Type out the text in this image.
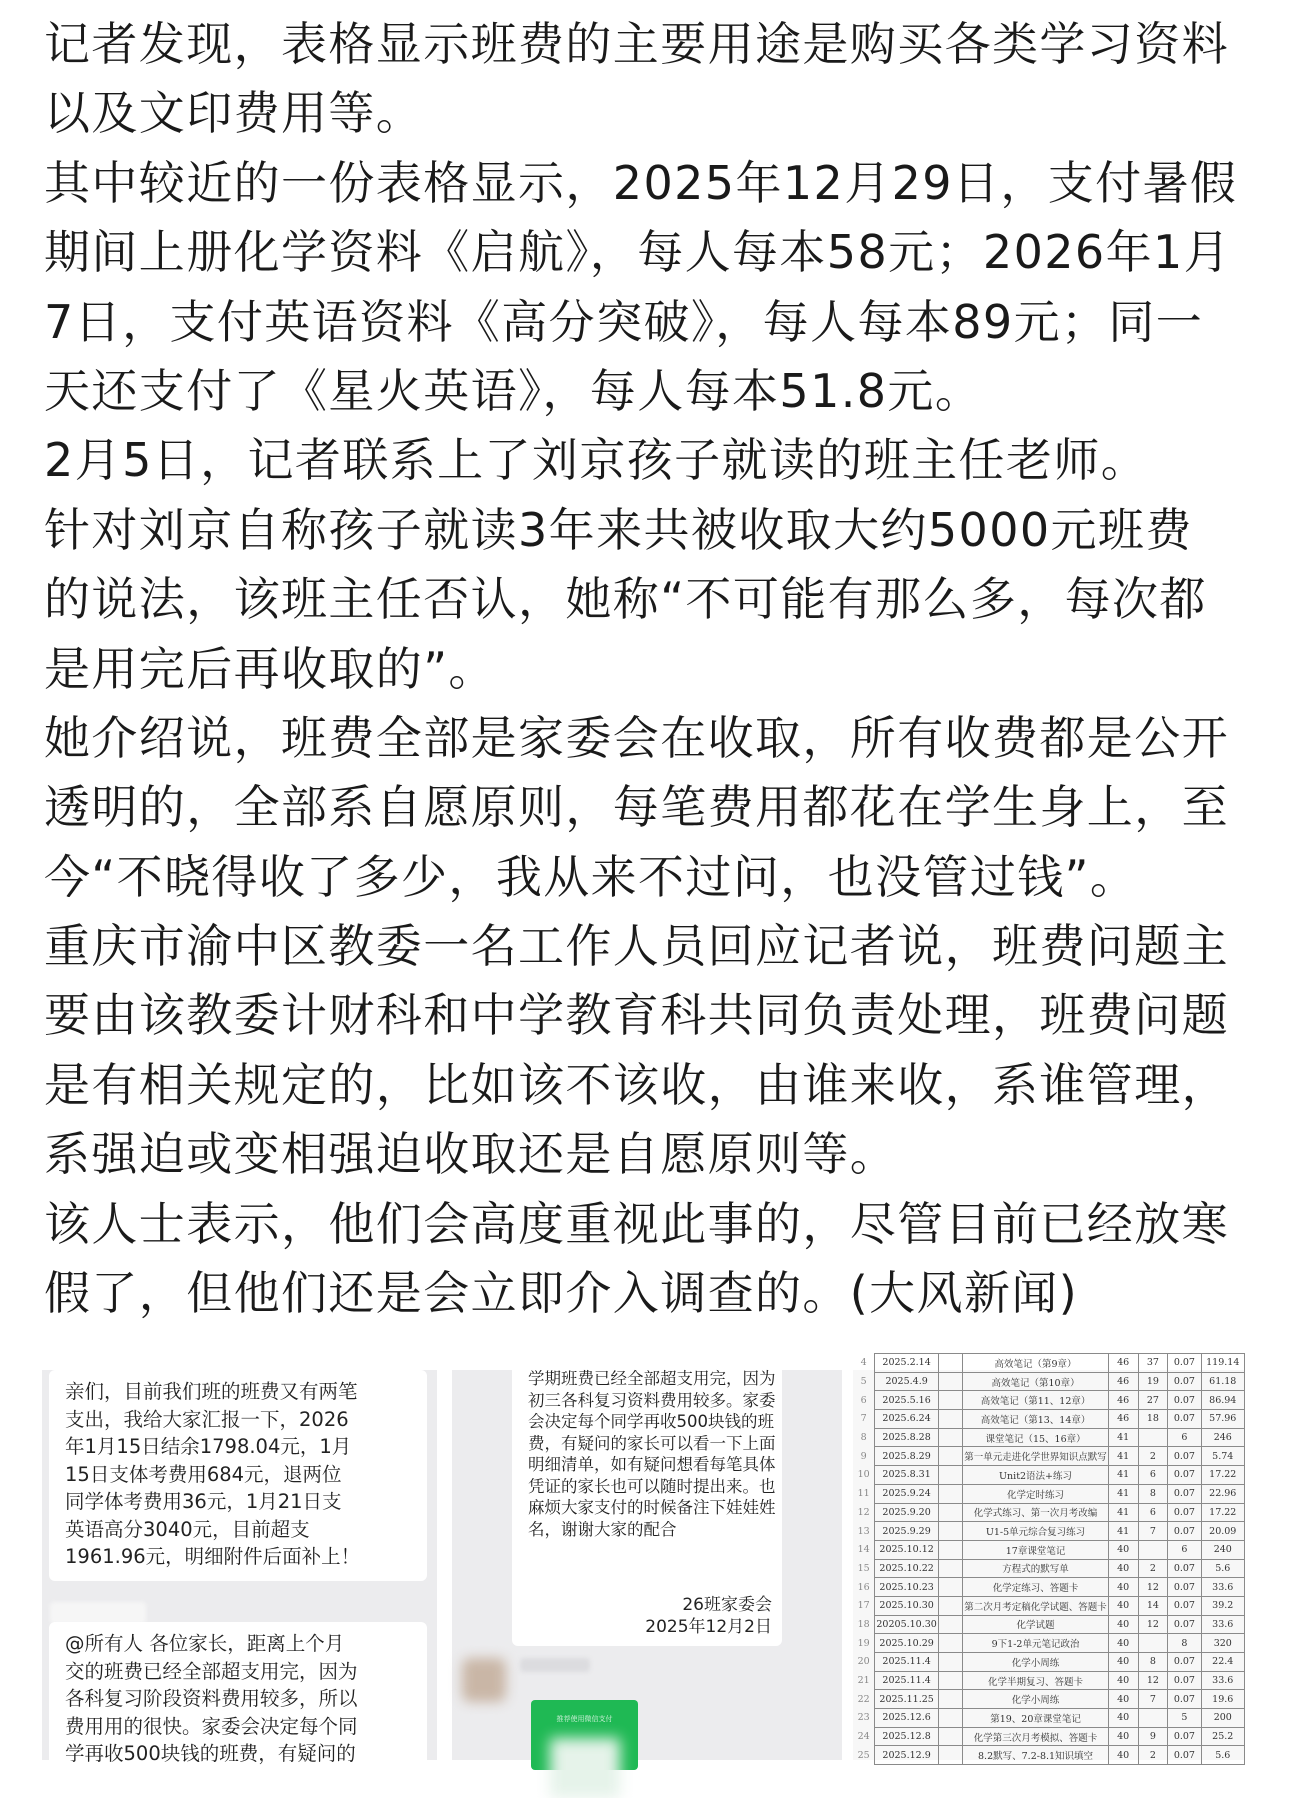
记者发现，表格显示班费的主要用途是购买各类学习资料
以及文印费用等。
其中较近的一份表格显示，2025年12月29日，支付暑假
期间上册化学资料《启航》，每人每本58元；2026年1月
7日，支付英语资料《高分突破》，每人每本89元；同一
天还支付了《星火英语》，每人每本51.8元。
2月5日，记者联系上了刘京孩子就读的班主任老师。
针对刘京自称孩子就读3年来共被收取大约5000元班费
的说法，该班主任否认，她称“不可能有那么多，每次都
是用完后再收取的”。
她介绍说，班费全部是家委会在收取，所有收费都是公开
透明的，全部系自愿原则，每笔费用都花在学生身上，至
今“不晓得收了多少，我从来不过问，也没管过钱”。
重庆市渝中区教委一名工作人员回应记者说，班费问题主
要由该教委计财科和中学教育科共同负责处理，班费问题
是有相关规定的，比如该不该收，由谁来收，系谁管理，
系强迫或变相强迫收取还是自愿原则等。
该人士表示，他们会高度重视此事的，尽管目前已经放寒
假了，但他们还是会立即介入调查的。(大风新闻)
亲们，目前我们班的班费又有两笔
支出，我给大家汇报一下，2026
年1月15日结余1798.04元，1月
15日支体考费用684元，退两位
同学体考费用36元，1月21日支
英语高分3040元，目前超支
1961.96元，明细附件后面补上！
@所有人 各位家长，距离上个月
交的班费已经全部超支用完，因为
各科复习阶段资料费用较多，所以
费用用的很快。家委会决定每个同
学再收500块钱的班费，有疑问的
学期班费已经全部超支用完，因为
初三各科复习资料费用较多。家委
会决定每个同学再收500块钱的班
费，有疑问的家长可以看一下上面
明细清单，如有疑问想看每笔具体
凭证的家长也可以随时提出来。也
麻烦大家支付的时候备注下娃娃姓
名，谢谢大家的配合
26班家委会
2025年12月2日
推荐使用微信支付
4	2025.2.14		高效笔记（第9章）	46	37	0.07	119.14
5	2025.4.9		高效笔记（第10章）	46	19	0.07	61.18
6	2025.5.16		高效笔记（第11、12章）	46	27	0.07	86.94
7	2025.6.24		高效笔记（第13、14章）	46	18	0.07	57.96
8	2025.8.28		课堂笔记（15、16章）	41		6	246
9	2025.8.29		第一单元走进化学世界知识点默写	41	2	0.07	5.74
10	2025.8.31		Unit2语法+练习	41	6	0.07	17.22
11	2025.9.24		化学定时练习	41	8	0.07	22.96
12	2025.9.20		化学式练习、第一次月考改编	41	6	0.07	17.22
13	2025.9.29		U1-5单元综合复习练习	41	7	0.07	20.09
14	2025.10.12		17章课堂笔记	40		6	240
15	2025.10.22		方程式的默写单	40	2	0.07	5.6
16	2025.10.23		化学定练习、答题卡	40	12	0.07	33.6
17	2025.10.30		第二次月考定稿化学试题、答题卡	40	14	0.07	39.2
18	20205.10.30		化学试题	40	12	0.07	33.6
19	2025.10.29		9下1-2单元笔记政治	40		8	320
20	2025.11.4		化学小周练	40	8	0.07	22.4
21	2025.11.4		化学半期复习、答题卡	40	12	0.07	33.6
22	2025.11.25		化学小周练	40	7	0.07	19.6
23	2025.12.6		第19、20章课堂笔记	40		5	200
24	2025.12.8		化学第三次月考模拟、答题卡	40	9	0.07	25.2
25	2025.12.9		8.2默写、7.2-8.1知识填空	40	2	0.07	5.6
